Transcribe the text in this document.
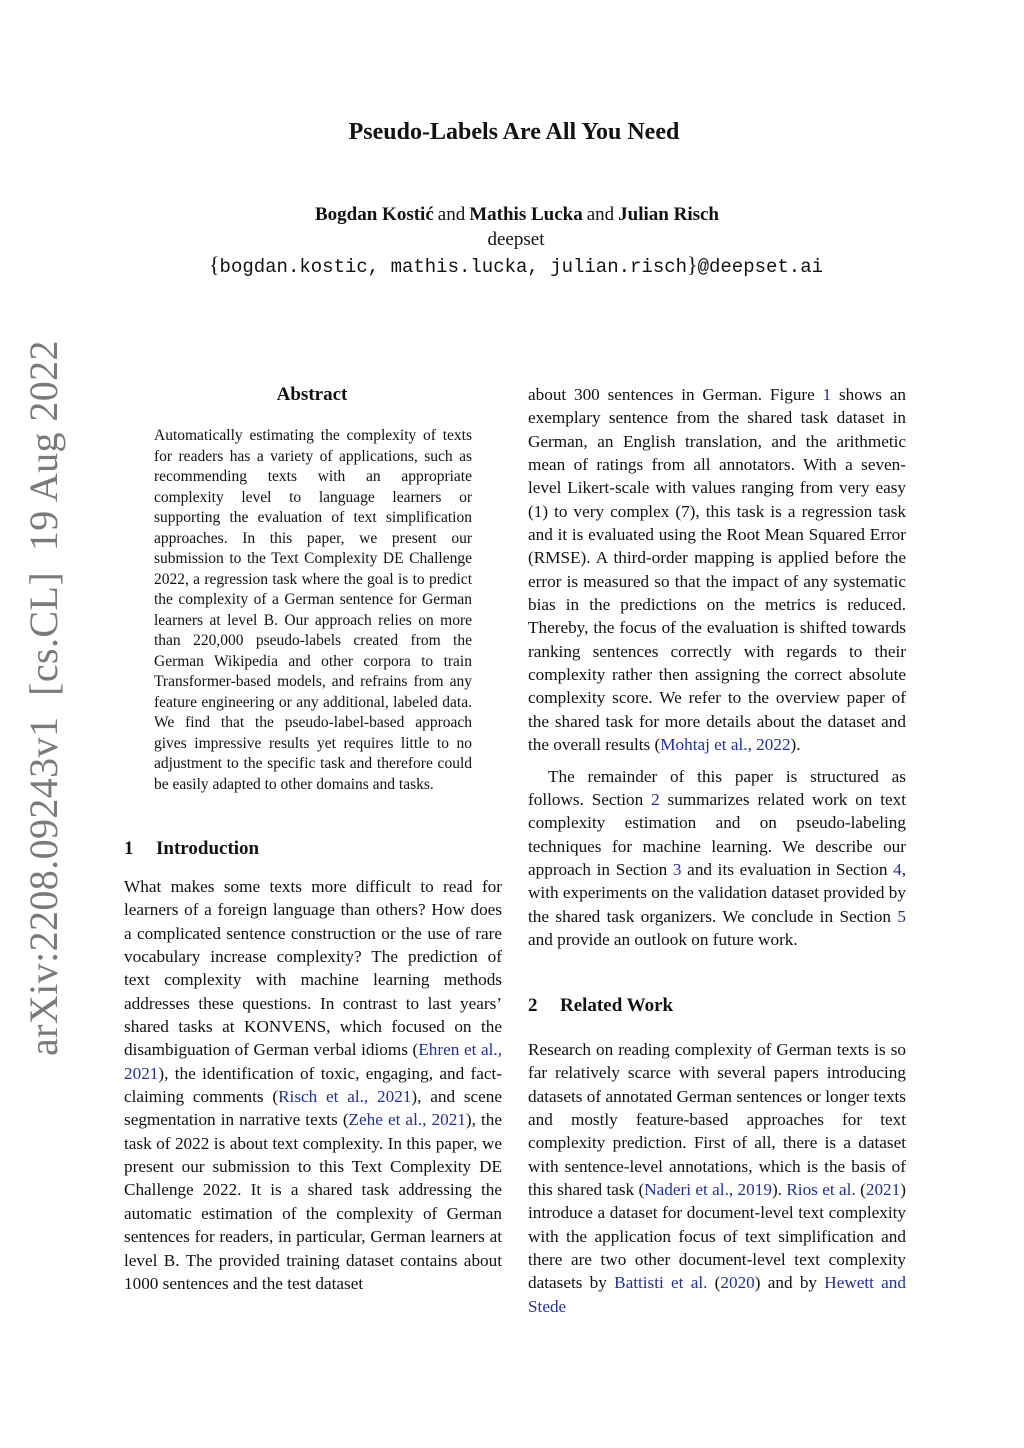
Pseudo-Labels Are All You Need
Bogdan Kostić and Mathis Lucka and Julian Risch
deepset
{bogdan.kostic, mathis.lucka, julian.risch}@deepset.ai
arXiv:2208.09243v1  [cs.CL]  19 Aug 2022	Abstract

Automatically estimating the complexity of texts for readers has a variety of applications, such as recommending texts with an appropriate complexity level to language learners or supporting the evaluation of text simplification approaches. In this paper, we present our submission to the Text Complexity DE Challenge 2022, a regression task where the goal is to predict the complexity of a German sentence for German learners at level B. Our approach relies on more than 220,000 pseudo-labels created from the German Wikipedia and other corpora to train Transformer-based models, and refrains from any feature engineering or any additional, labeled data. We find that the pseudo-label-based approach gives impressive results yet requires little to no adjustment to the specific task and therefore could be easily adapted to other domains and tasks.

1 Introduction

What makes some texts more difficult to read for learners of a foreign language than others? How does a complicated sentence construction or the use of rare vocabulary increase complexity? The prediction of text complexity with machine learning methods addresses these questions. In contrast to last years’ shared tasks at KONVENS, which focused on the disambiguation of German verbal idioms (Ehren et al., 2021), the identification of toxic, engaging, and fact-claiming comments (Risch et al., 2021), and scene segmentation in narrative texts (Zehe et al., 2021), the task of 2022 is about text complexity. In this paper, we present our submission to this Text Complexity DE Challenge 2022. It is a shared task addressing the automatic estimation of the complexity of German sentences for readers, in particular, German learners at level B. The provided training dataset contains about 1000 sentences and the test dataset

about 300 sentences in German. Figure 1 shows an exemplary sentence from the shared task dataset in German, an English translation, and the arithmetic mean of ratings from all annotators. With a seven-level Likert-scale with values ranging from very easy (1) to very complex (7), this task is a regression task and it is evaluated using the Root Mean Squared Error (RMSE). A third-order mapping is applied before the error is measured so that the impact of any systematic bias in the predictions on the metrics is reduced. Thereby, the focus of the evaluation is shifted towards ranking sentences correctly with regards to their complexity rather then assigning the correct absolute complexity score. We refer to the overview paper of the shared task for more details about the dataset and the overall results (Mohtaj et al., 2022).

The remainder of this paper is structured as follows. Section 2 summarizes related work on text complexity estimation and on pseudo-labeling techniques for machine learning. We describe our approach in Section 3 and its evaluation in Section 4, with experiments on the validation dataset provided by the shared task organizers. We conclude in Section 5 and provide an outlook on future work.

2 Related Work

Research on reading complexity of German texts is so far relatively scarce with several papers introducing datasets of annotated German sentences or longer texts and mostly feature-based approaches for text complexity prediction. First of all, there is a dataset with sentence-level annotations, which is the basis of this shared task (Naderi et al., 2019). Rios et al. (2021) introduce a dataset for document-level text complexity with the application focus of text simplification and there are two other document-level text complexity datasets by Battisti et al. (2020) and by Hewett and Stede
